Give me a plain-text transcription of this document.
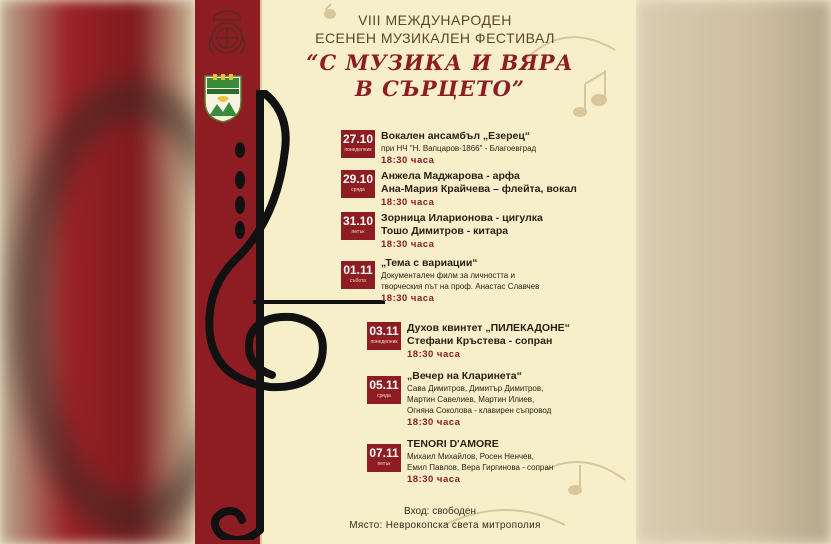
VIII МЕЖДУНАРОДЕН
ЕСЕНЕН МУЗИКАЛЕН ФЕСТИВАЛ
“С МУЗИКА И ВЯРА
В СЪРЦЕТО”
27.10
понеделник
Вокален ансамбъл „Езерец“
при НЧ "Н. Вапцаров-1866" - Благоевград
18:30 часа
29.10
сряда
Анжела Маджарова - арфа
Ана-Мария Крайчева – флейта, вокал
18:30 часа
31.10
петък
Зорница Иларионова - цигулка
Тошо Димитров - китара
18:30 часа
01.11
събота
„Тема с вариации“
Документален филм за личността и
творческия път на проф. Анастас Славчев
18:30 часа
03.11
понеделник
Духов квинтет „ПИЛЕКАДОНЕ“
Стефани Кръстева - сопран
18:30 часа
05.11
сряда
„Вечер на Кларинета“
Сава Димитров, Димитър Димитров,
Мартин Савелиев, Мартин Илиев,
Огняна Соколова - клавирен съпровод
18:30 часа
07.11
петък
TENORI D'AMORE
Михаил Михайлов, Росен Ненчев,
Емил Павлов, Вера Гиргинова - сопран
18:30 часа
Вход: свободен
Място: Неврокопска света митрополия
